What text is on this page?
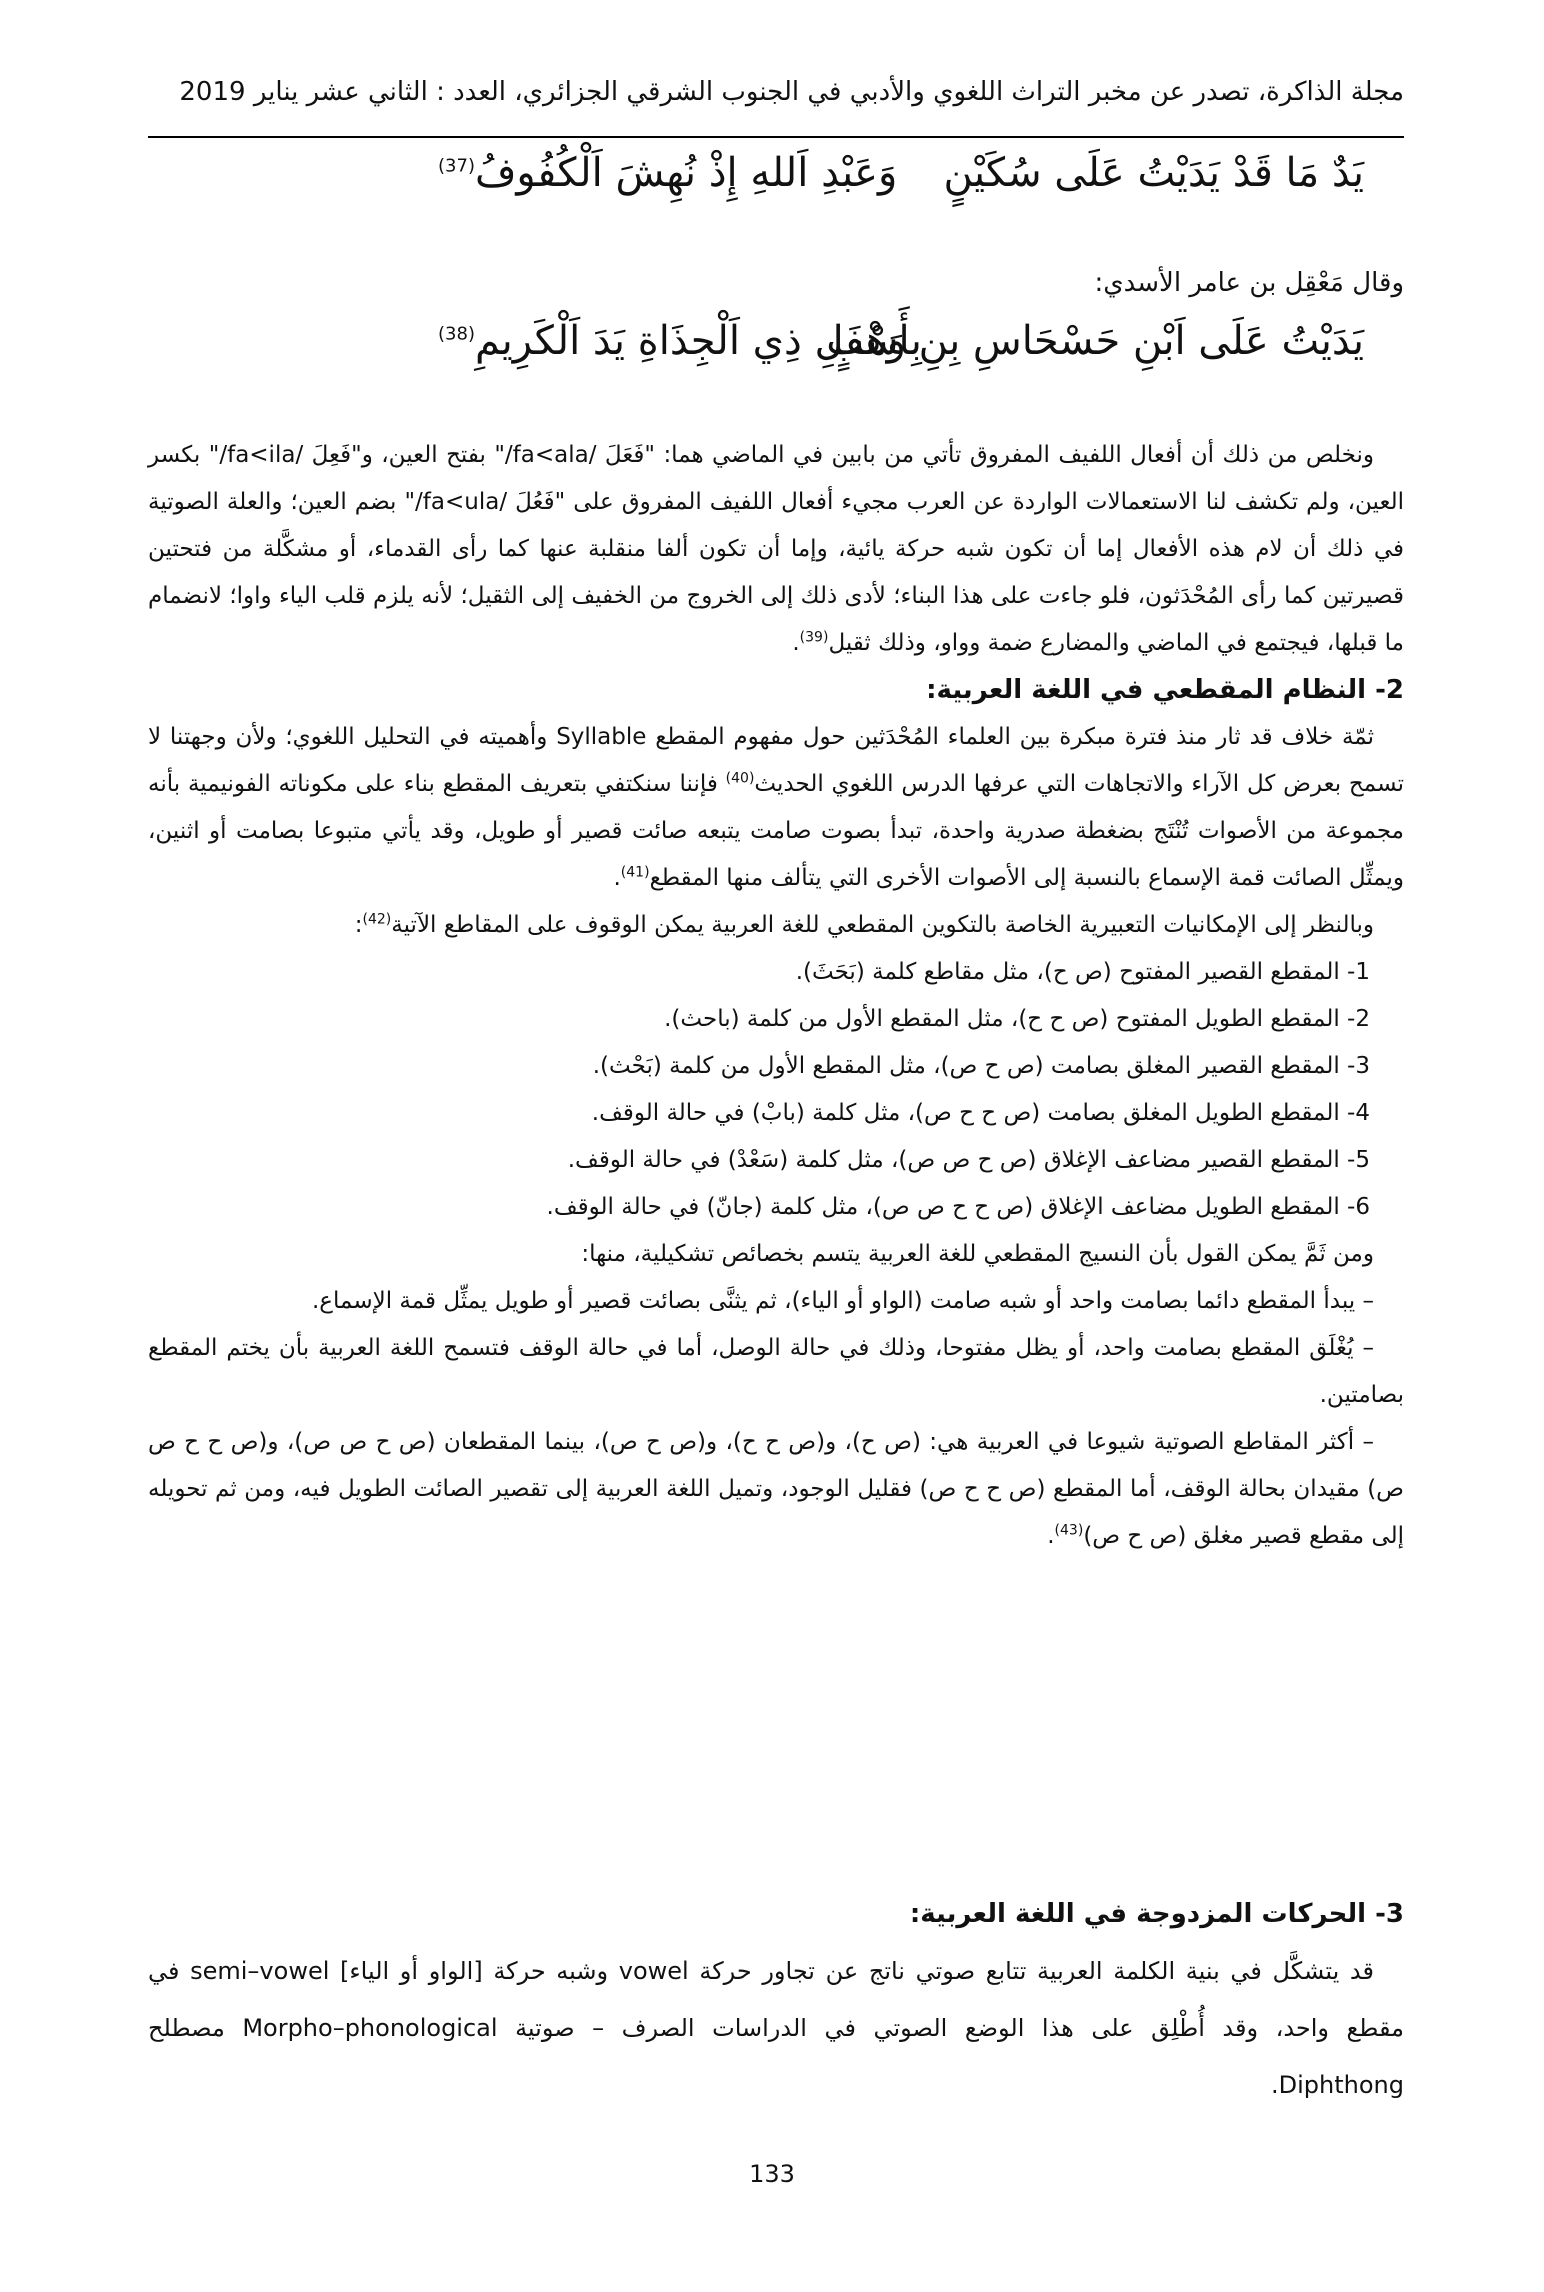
مجلة الذاكرة، تصدر عن مخبر التراث اللغوي والأدبي في الجنوب الشرقي الجزائري، العدد : الثاني عشر يناير 2019
يَدٌ مَا قَدْ يَدَيْتُ عَلَى سُكَيْنٍ
وَعَبْدِ اَللهِ إِذْ نُهِشَ اَلْكُفُوفُ$^{(37)}$
وقال مَعْقِل بن عامر الأسدي:
يَدَيْتُ عَلَى اَبْنِ حَسْحَاسِ بِنِ وَهْبٍ
بِأَسْفَلِ ذِي اَلْجِذَاةِ يَدَ اَلْكَرِيمِ$^{(38)}$

ونخلص من ذلك أن أفعال اللفيف المفروق تأتي من بابين في الماضي هما: "فَعَلَ /fa<ala/" بفتح العين، و"فَعِلَ /fa<ila/" بكسر العين، ولم تكشف لنا الاستعمالات الواردة عن العرب مجيء أفعال اللفيف المفروق على "فَعُلَ /fa<ula/" بضم العين؛ والعلة الصوتية في ذلك أن لام هذه الأفعال إما أن تكون شبه حركة يائية، وإما أن تكون ألفا منقلبة عنها كما رأى القدماء، أو مشكَّلة من فتحتين قصيرتين كما رأى المُحْدَثون، فلو جاءت على هذا البناء؛ لأدى ذلك إلى الخروج من الخفيف إلى الثقيل؛ لأنه يلزم قلب الياء واوا؛ لانضمام ما قبلها، فيجتمع في الماضي والمضارع ضمة وواو، وذلك ثقيل$^{(39)}$.

2- النظام المقطعي في اللغة العربية:

ثمّة خلاف قد ثار منذ فترة مبكرة بين العلماء المُحْدَثين حول مفهوم المقطع Syllable وأهميته في التحليل اللغوي؛ ولأن وجهتنا لا تسمح بعرض كل الآراء والاتجاهات التي عرفها الدرس اللغوي الحديث$^{(40)}$ فإننا سنكتفي بتعريف المقطع بناء على مكوناته الفونيمية بأنه مجموعة من الأصوات تُنْتَج بضغطة صدرية واحدة، تبدأ بصوت صامت يتبعه صائت قصير أو طويل، وقد يأتي متبوعا بصامت أو اثنين، ويمثِّل الصائت قمة الإسماع بالنسبة إلى الأصوات الأخرى التي يتألف منها المقطع$^{(41)}$.

وبالنظر إلى الإمكانيات التعبيرية الخاصة بالتكوين المقطعي للغة العربية يمكن الوقوف على المقاطع الآتية$^{(42)}$:

1- المقطع القصير المفتوح (ص ح)، مثل مقاطع كلمة (بَحَثَ).

2- المقطع الطويل المفتوح (ص ح ح)، مثل المقطع الأول من كلمة (باحث).

3- المقطع القصير المغلق بصامت (ص ح ص)، مثل المقطع الأول من كلمة (بَحْث).

4- المقطع الطويل المغلق بصامت (ص ح ح ص)، مثل كلمة (بابْ) في حالة الوقف.

5- المقطع القصير مضاعف الإغلاق (ص ح ص ص)، مثل كلمة (سَعْدْ) في حالة الوقف.

6- المقطع الطويل مضاعف الإغلاق (ص ح ح ص ص)، مثل كلمة (جانّ) في حالة الوقف.

ومن ثَمَّ يمكن القول بأن النسيج المقطعي للغة العربية يتسم بخصائص تشكيلية، منها:

– يبدأ المقطع دائما بصامت واحد أو شبه صامت (الواو أو الياء)، ثم يثنَّى بصائت قصير أو طويل يمثِّل قمة الإسماع.

– يُغْلَق المقطع بصامت واحد، أو يظل مفتوحا، وذلك في حالة الوصل، أما في حالة الوقف فتسمح اللغة العربية بأن يختم المقطع بصامتين.

– أكثر المقاطع الصوتية شيوعا في العربية هي: (ص ح)، و(ص ح ح)، و(ص ح ص)، بينما المقطعان (ص ح ص ص)، و(ص ح ح ص ص) مقيدان بحالة الوقف، أما المقطع (ص ح ح ص) فقليل الوجود، وتميل اللغة العربية إلى تقصير الصائت الطويل فيه، ومن ثم تحويله إلى مقطع قصير مغلق (ص ح ص)$^{(43)}$.

3- الحركات المزدوجة في اللغة العربية:

قد يتشكَّل في بنية الكلمة العربية تتابع صوتي ناتج عن تجاور حركة vowel وشبه حركة [الواو أو الياء] semi–vowel في مقطع واحد، وقد أُطْلِق على هذا الوضع الصوتي في الدراسات الصرف – صوتية Morpho–phonological مصطلح Diphthong.

133
